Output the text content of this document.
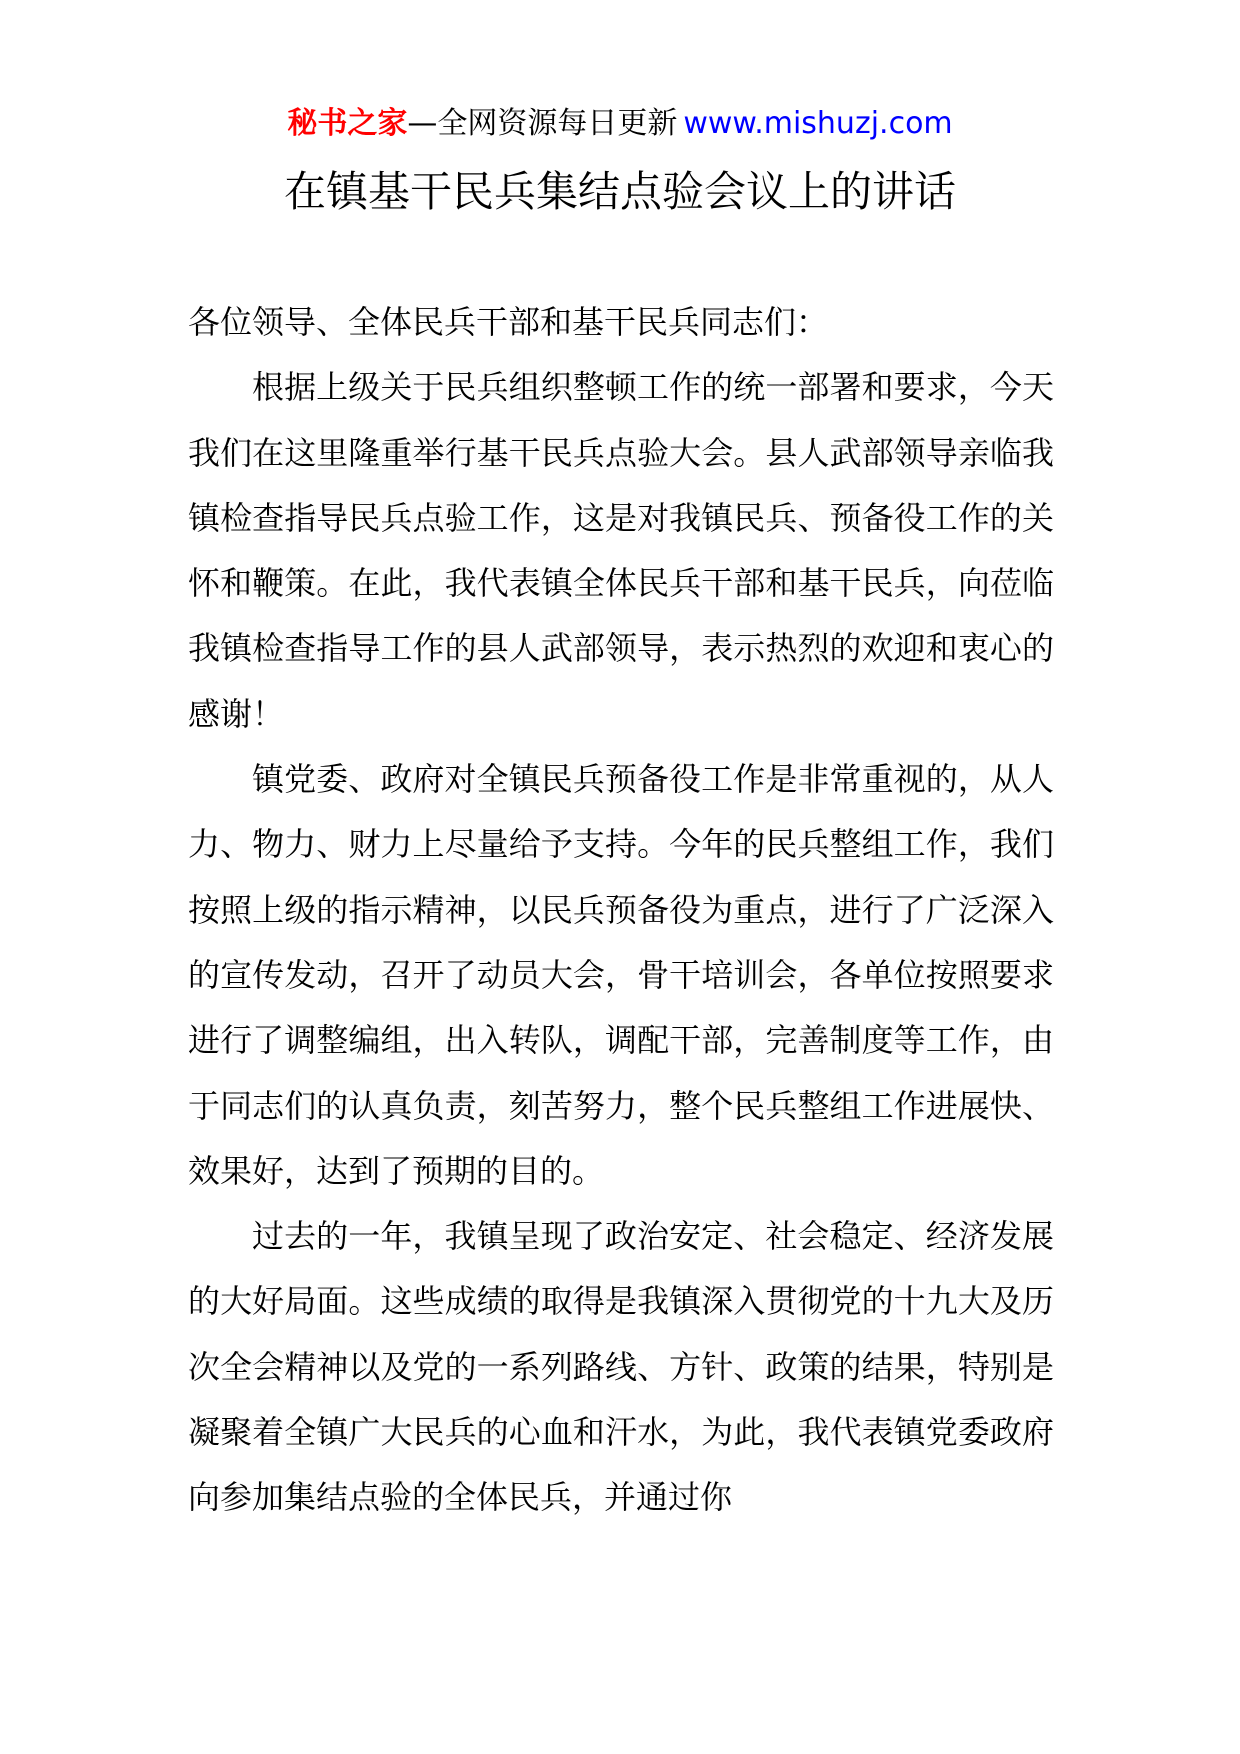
秘书之家—全网资源每日更新 www.mishuzj.com
在镇基干民兵集结点验会议上的讲话

各位领导、全体民兵干部和基干民兵同志们：

根据上级关于民兵组织整顿工作的统一部署和要求，今天我们在这里隆重举行基干民兵点验大会。县人武部领导亲临我镇检查指导民兵点验工作，这是对我镇民兵、预备役工作的关怀和鞭策。在此，我代表镇全体民兵干部和基干民兵，向莅临我镇检查指导工作的县人武部领导，表示热烈的欢迎和衷心的感谢！

镇党委、政府对全镇民兵预备役工作是非常重视的，从人力、物力、财力上尽量给予支持。今年的民兵整组工作，我们按照上级的指示精神，以民兵预备役为重点，进行了广泛深入的宣传发动，召开了动员大会，骨干培训会，各单位按照要求进行了调整编组，出入转队，调配干部，完善制度等工作，由于同志们的认真负责，刻苦努力，整个民兵整组工作进展快、效果好，达到了预期的目的。

过去的一年，我镇呈现了政治安定、社会稳定、经济发展的大好局面。这些成绩的取得是我镇深入贯彻党的十九大及历次全会精神以及党的一系列路线、方针、政策的结果，特别是凝聚着全镇广大民兵的心血和汗水，为此，我代表镇党委政府向参加集结点验的全体民兵，并通过你
